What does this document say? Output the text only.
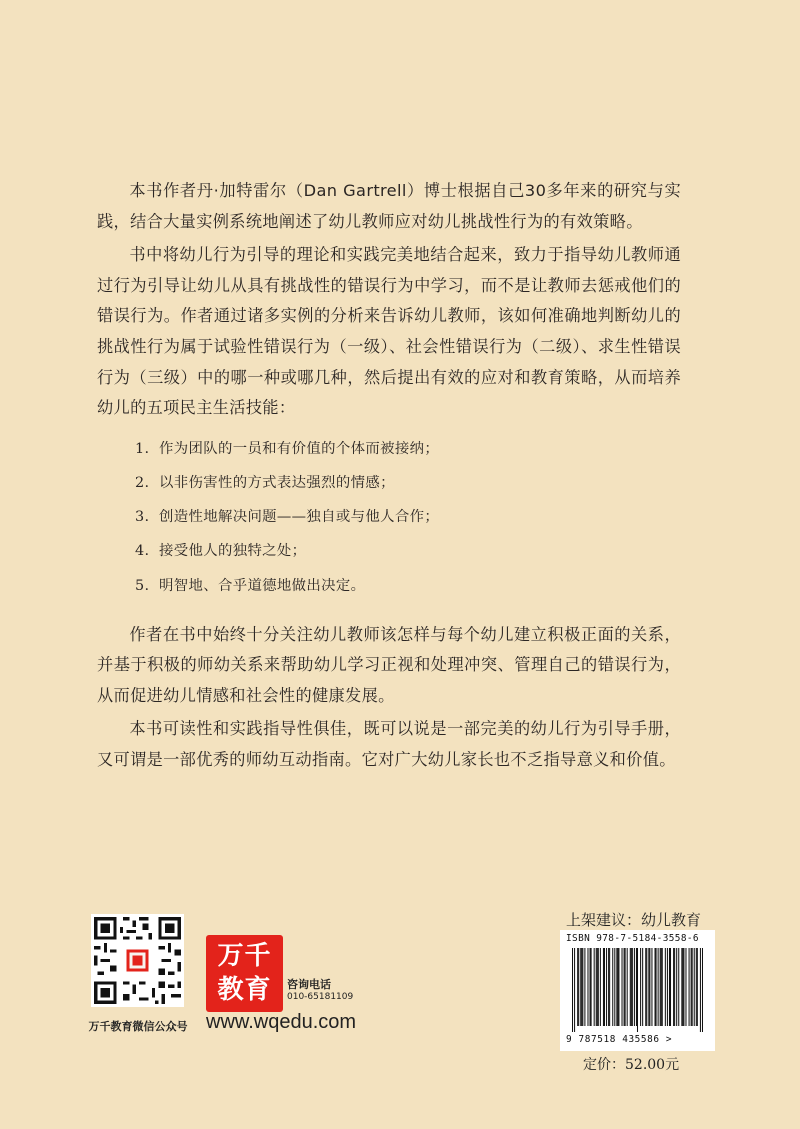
本书作者丹·加特雷尔（Dan Gartrell）博士根据自己30多年来的研究与实践，结合大量实例系统地阐述了幼儿教师应对幼儿挑战性行为的有效策略。

书中将幼儿行为引导的理论和实践完美地结合起来，致力于指导幼儿教师通过行为引导让幼儿从具有挑战性的错误行为中学习，而不是让教师去惩戒他们的错误行为。作者通过诸多实例的分析来告诉幼儿教师，该如何准确地判断幼儿的挑战性行为属于试验性错误行为（一级）、社会性错误行为（二级）、求生性错误行为（三级）中的哪一种或哪几种，然后提出有效的应对和教育策略，从而培养幼儿的五项民主生活技能：

1. 作为团队的一员和有价值的个体而被接纳；
2. 以非伤害性的方式表达强烈的情感；
3. 创造性地解决问题——独自或与他人合作；
4. 接受他人的独特之处；
5. 明智地、合乎道德地做出决定。

作者在书中始终十分关注幼儿教师该怎样与每个幼儿建立积极正面的关系，并基于积极的师幼关系来帮助幼儿学习正视和处理冲突、管理自己的错误行为，从而促进幼儿情感和社会性的健康发展。

本书可读性和实践指导性俱佳，既可以说是一部完美的幼儿行为引导手册，又可谓是一部优秀的师幼互动指南。它对广大幼儿家长也不乏指导意义和价值。

万千教育微信公众号
万千
教育	咨询电话
010-65181109
www.wqedu.com
上架建议：幼儿教育
ISBN 978-7-5184-3558-6
9 787518 435586 >
定价：52.00元
